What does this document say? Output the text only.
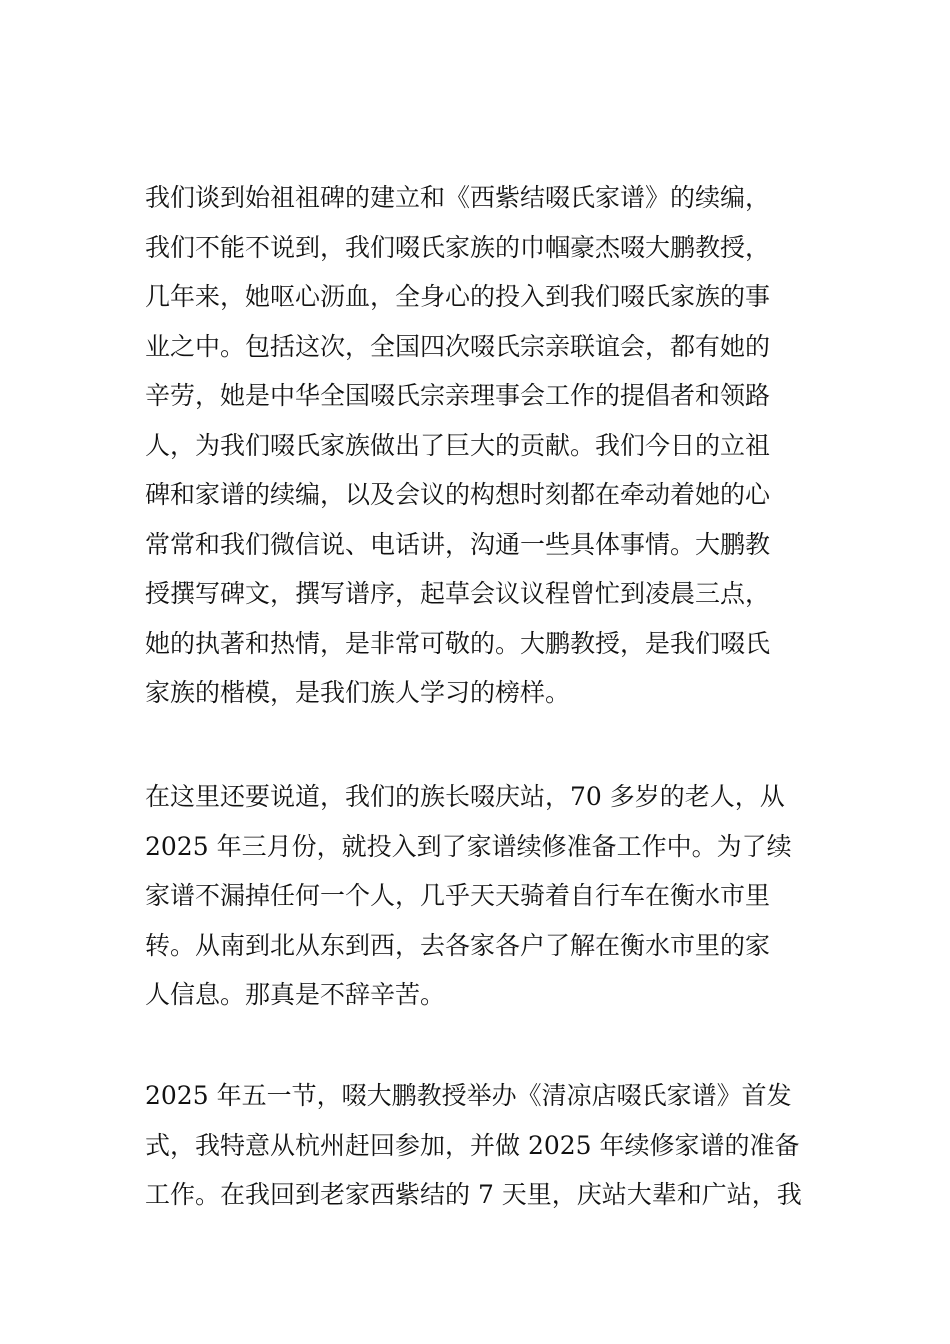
我们谈到始祖祖碑的建立和《西紫结啜氏家谱》的续编，
我们不能不说到，我们啜氏家族的巾帼豪杰啜大鹏教授，
几年来，她呕心沥血，全身心的投入到我们啜氏家族的事
业之中。包括这次，全国四次啜氏宗亲联谊会，都有她的
辛劳，她是中华全国啜氏宗亲理事会工作的提倡者和领路
人，为我们啜氏家族做出了巨大的贡献。我们今日的立祖
碑和家谱的续编，以及会议的构想时刻都在牵动着她的心
常常和我们微信说、电话讲，沟通一些具体事情。大鹏教
授撰写碑文，撰写谱序，起草会议议程曾忙到凌晨三点，
她的执著和热情，是非常可敬的。大鹏教授，是我们啜氏
家族的楷模，是我们族人学习的榜样。
在这里还要说道，我们的族长啜庆站，70 多岁的老人，从
2025 年三月份，就投入到了家谱续修准备工作中。为了续
家谱不漏掉任何一个人，几乎天天骑着自行车在衡水市里
转。从南到北从东到西，去各家各户了解在衡水市里的家
人信息。那真是不辞辛苦。
2025 年五一节，啜大鹏教授举办《清凉店啜氏家谱》首发
式，我特意从杭州赶回参加，并做 2025 年续修家谱的准备
工作。在我回到老家西紫结的 7 天里，庆站大辈和广站，我
